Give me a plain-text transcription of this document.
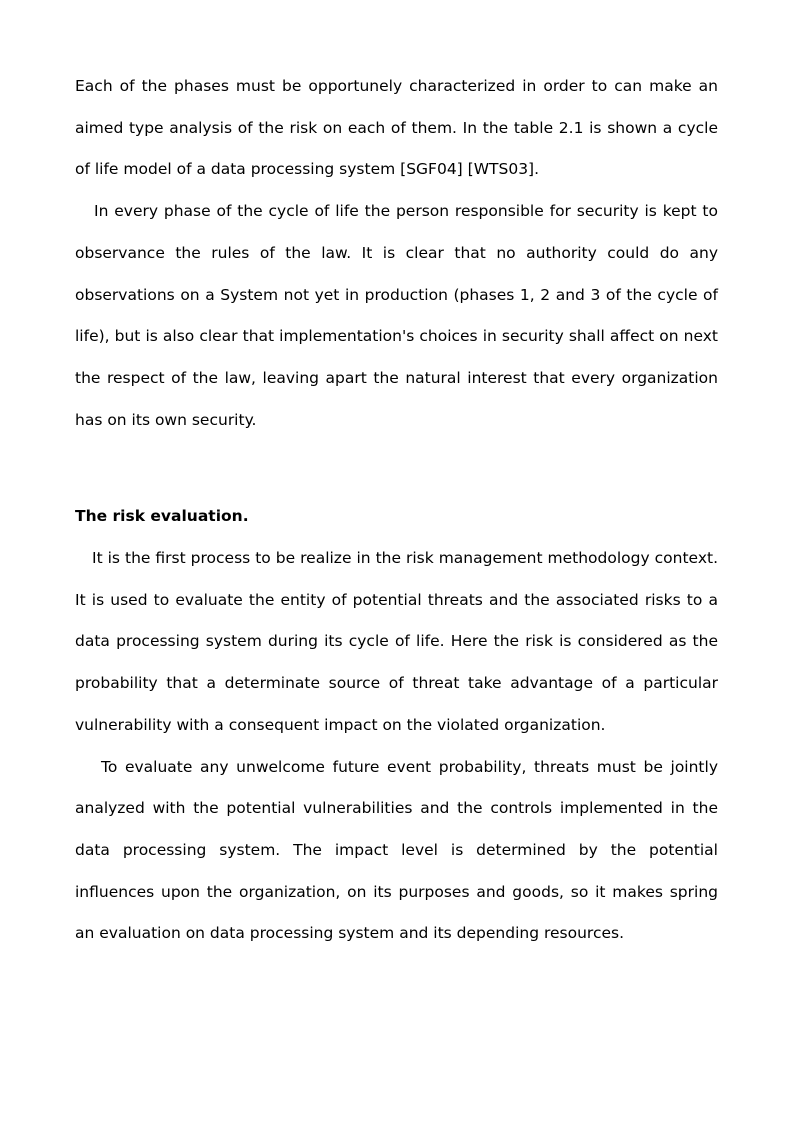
Each of the phases must be opportunely characterized in order to can make an aimed type analysis of the risk on each of them. In the table 2.1 is shown a cycle of life model of a data processing system [SGF04] [WTS03].

In every phase of the cycle of life the person responsible for security is kept to observance the rules of the law. It is clear that no authority could do any observations on a System not yet in production (phases 1, 2 and 3 of the cycle of life), but is also clear that implementation's choices in security shall affect on next the respect of the law, leaving apart the natural interest that every organization has on its own security.

The risk evaluation.

It is the first process to be realize in the risk management methodology context. It is used to evaluate the entity of potential threats and the associated risks to a data processing system during its cycle of life. Here the risk is considered as the probability that a determinate source of threat take advantage of a particular vulnerability with a consequent impact on the violated organization.

To evaluate any unwelcome future event probability, threats must be jointly analyzed with the potential vulnerabilities and the controls implemented in the data processing system. The impact level is determined by the potential influences upon the organization, on its purposes and goods, so it makes spring an evaluation on data processing system and its depending resources.
